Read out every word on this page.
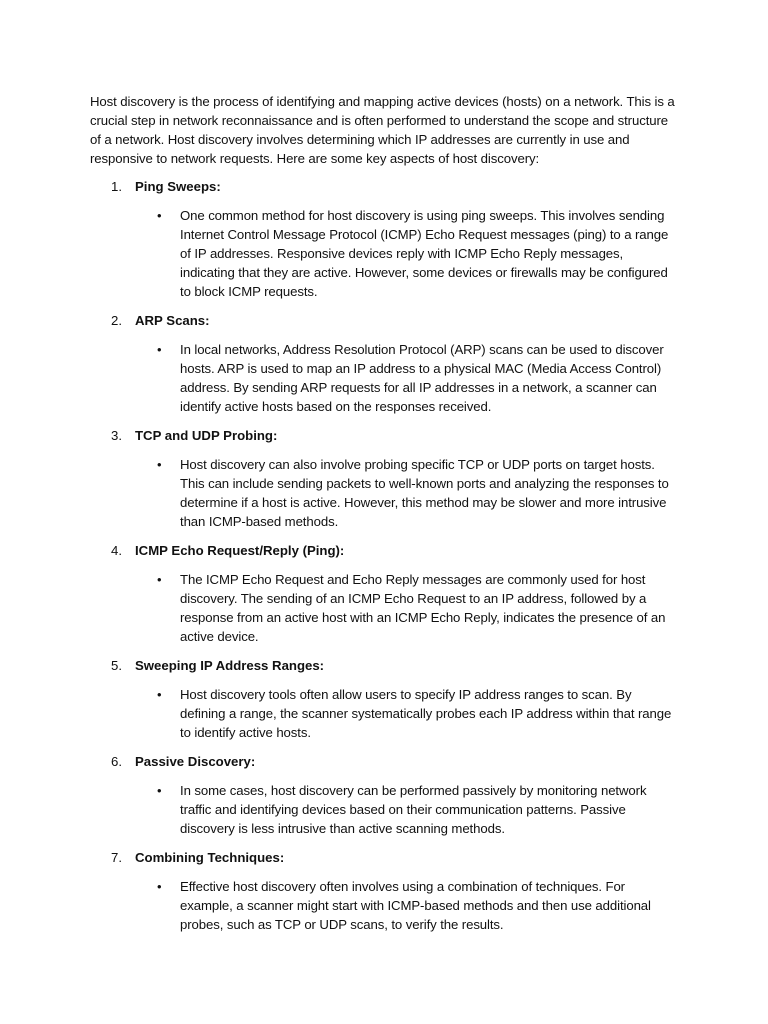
Host discovery is the process of identifying and mapping active devices (hosts) on a network. This is a crucial step in network reconnaissance and is often performed to understand the scope and structure of a network. Host discovery involves determining which IP addresses are currently in use and responsive to network requests. Here are some key aspects of host discovery:

1. Ping Sweeps:
• One common method for host discovery is using ping sweeps. This involves sending Internet Control Message Protocol (ICMP) Echo Request messages (ping) to a range of IP addresses. Responsive devices reply with ICMP Echo Reply messages, indicating that they are active. However, some devices or firewalls may be configured to block ICMP requests.
2. ARP Scans:
• In local networks, Address Resolution Protocol (ARP) scans can be used to discover hosts. ARP is used to map an IP address to a physical MAC (Media Access Control) address. By sending ARP requests for all IP addresses in a network, a scanner can identify active hosts based on the responses received.
3. TCP and UDP Probing:
• Host discovery can also involve probing specific TCP or UDP ports on target hosts. This can include sending packets to well-known ports and analyzing the responses to determine if a host is active. However, this method may be slower and more intrusive than ICMP-based methods.
4. ICMP Echo Request/Reply (Ping):
• The ICMP Echo Request and Echo Reply messages are commonly used for host discovery. The sending of an ICMP Echo Request to an IP address, followed by a response from an active host with an ICMP Echo Reply, indicates the presence of an active device.
5. Sweeping IP Address Ranges:
• Host discovery tools often allow users to specify IP address ranges to scan. By defining a range, the scanner systematically probes each IP address within that range to identify active hosts.
6. Passive Discovery:
• In some cases, host discovery can be performed passively by monitoring network traffic and identifying devices based on their communication patterns. Passive discovery is less intrusive than active scanning methods.
7. Combining Techniques:
• Effective host discovery often involves using a combination of techniques. For example, a scanner might start with ICMP-based methods and then use additional probes, such as TCP or UDP scans, to verify the results.
